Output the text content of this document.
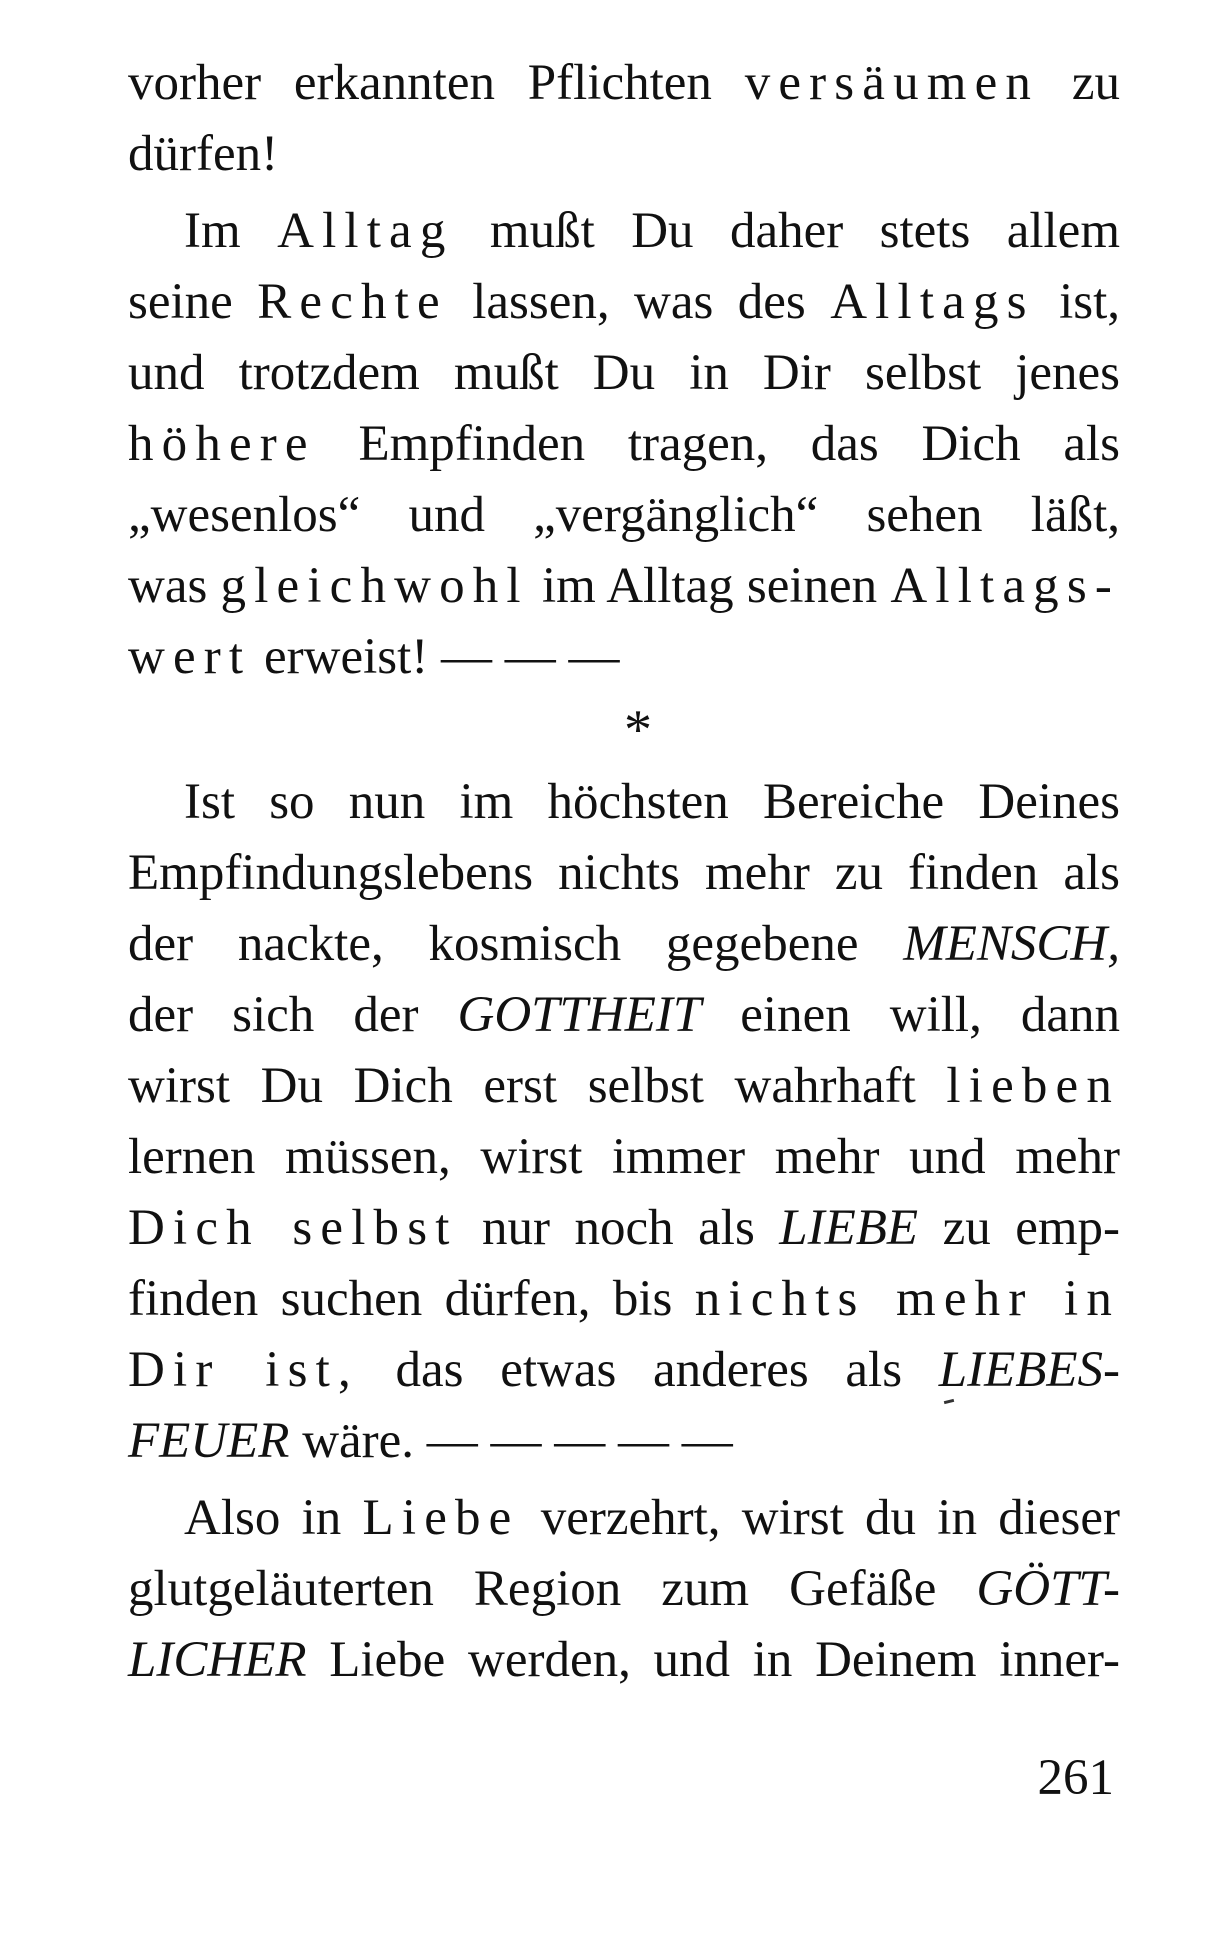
vorher erkannten Pflichten versäumen zu
dürfen!
Im Alltag mußt Du daher stets allem
seine Rechte lassen, was des Alltags ist,
und trotzdem mußt Du in Dir selbst jenes
höhere Empfinden tragen, das Dich als
„wesenlos“ und „vergänglich“ sehen läßt,
was gleichwohl im Alltag seinen Alltags-
wert erweist! — — —
*
Ist so nun im höchsten Bereiche Deines
Empfindungslebens nichts mehr zu finden als
der nackte, kosmisch gegebene MENSCH,
der sich der GOTTHEIT einen will, dann
wirst Du Dich erst selbst wahrhaft lieben
lernen müssen, wirst immer mehr und mehr
Dich selbst nur noch als LIEBE zu emp-
finden suchen dürfen, bis nichts mehr in
Dir ist, das etwas anderes als LIEBES-
FEUER wäre. — — — — —
Also in Liebe verzehrt, wirst du in dieser
glutgeläuterten Region zum Gefäße GÖTT-
LICHER Liebe werden, und in Deinem inner-
261
